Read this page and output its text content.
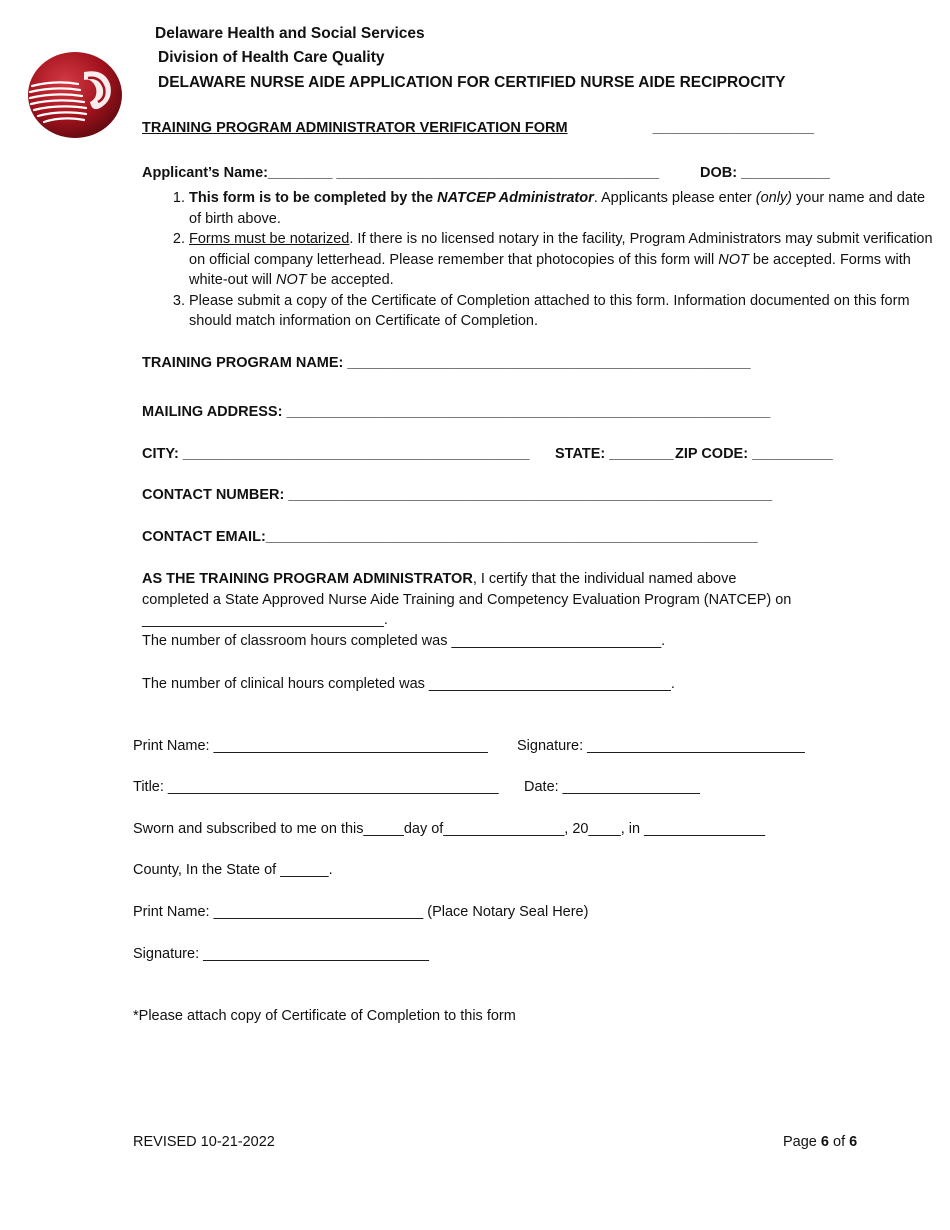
Delaware Health and Social Services
Division of Health Care Quality
DELAWARE NURSE AIDE APPLICATION FOR CERTIFIED NURSE AIDE RECIPROCITY
TRAINING PROGRAM ADMINISTRATOR VERIFICATION FORM	____________________
Applicant’s Name:________ ________________________________________	DOB: ___________
1. This form is to be completed by the NATCEP Administrator. Applicants please enter (only) your name and date of birth above.
2. Forms must be notarized. If there is no licensed notary in the facility, Program Administrators may submit verification on official company letterhead. Please remember that photocopies of this form will NOT be accepted. Forms with white-out will NOT be accepted.
3. Please submit a copy of the Certificate of Completion attached to this form. Information documented on this form should match information on Certificate of Completion.
TRAINING PROGRAM NAME: __________________________________________________
MAILING ADDRESS: ____________________________________________________________
CITY: ___________________________________________ STATE: ________ ZIP CODE: __________
CONTACT NUMBER: ____________________________________________________________
CONTACT EMAIL:_____________________________________________________________
AS THE TRAINING PROGRAM ADMINISTRATOR, I certify that the individual named above
completed a State Approved Nurse Aide Training and Competency Evaluation Program (NATCEP) on
______________________________.
The number of classroom hours completed was __________________________.
The number of clinical hours completed was ______________________________.
Print Name: __________________________________ Signature: ___________________________
Title: _________________________________________ Date: _________________
Sworn and subscribed to me on this_____day of_______________, 20____, in _______________
County, In the State of ______.
Print Name: __________________________ (Place Notary Seal Here)
Signature: ____________________________
*Please attach copy of Certificate of Completion to this form
REVISED 10-21-2022	Page 6 of 6
